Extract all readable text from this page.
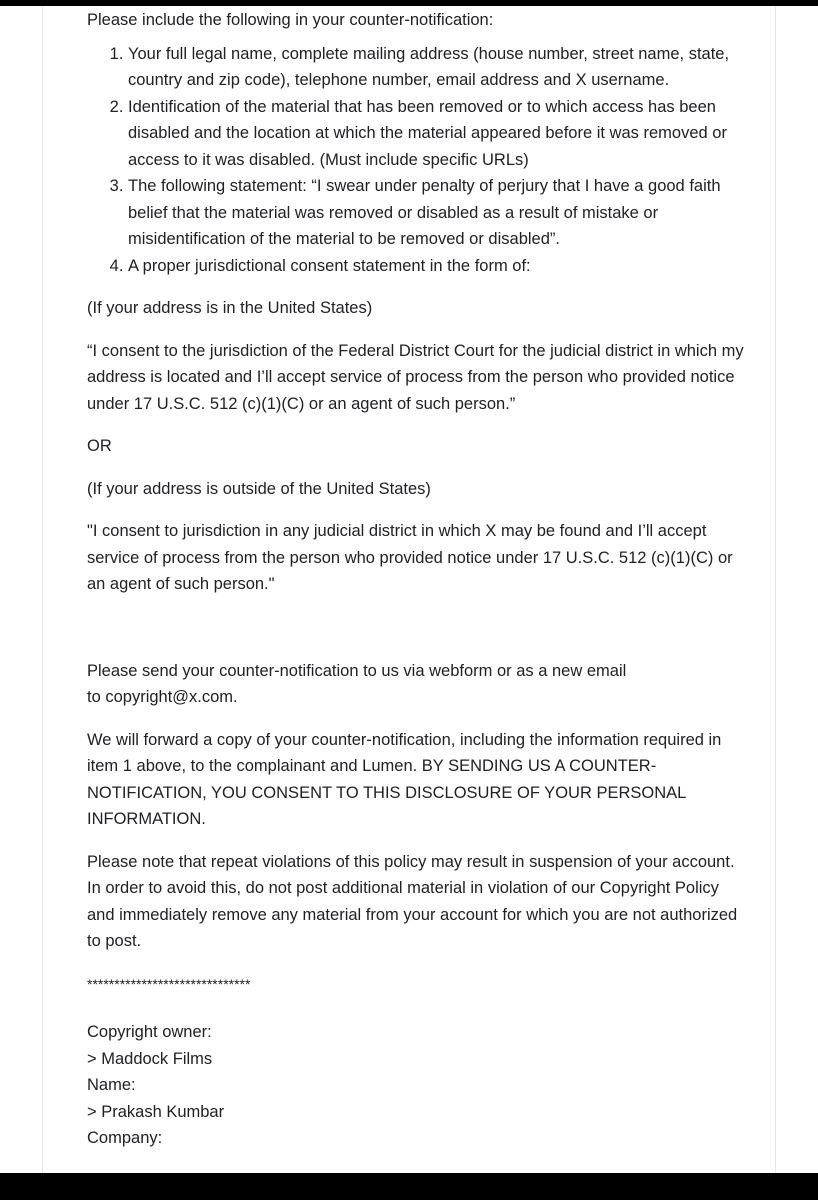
Please include the following in your counter-notification:

1. Your full legal name, complete mailing address (house number, street name, state, country and zip code), telephone number, email address and X username.
2. Identification of the material that has been removed or to which access has been disabled and the location at which the material appeared before it was removed or access to it was disabled. (Must include specific URLs)
3. The following statement: “I swear under penalty of perjury that I have a good faith belief that the material was removed or disabled as a result of mistake or misidentification of the material to be removed or disabled”.
4. A proper jurisdictional consent statement in the form of:

(If your address is in the United States)

“I consent to the jurisdiction of the Federal District Court for the judicial district in which my address is located and I’ll accept service of process from the person who provided notice under 17 U.S.C. 512 (c)(1)(C) or an agent of such person.”

OR

(If your address is outside of the United States)

"I consent to jurisdiction in any judicial district in which X may be found and I’ll accept service of process from the person who provided notice under 17 U.S.C. 512 (c)(1)(C) or an agent of such person."

Please send your counter-notification to us via webform or as a new email
to copyright@x.com.

We will forward a copy of your counter-notification, including the information required in item 1 above, to the complainant and Lumen. BY SENDING US A COUNTER-NOTIFICATION, YOU CONSENT TO THIS DISCLOSURE OF YOUR PERSONAL INFORMATION.

Please note that repeat violations of this policy may result in suspension of your account. In order to avoid this, do not post additional material in violation of our Copyright Policy and immediately remove any material from your account for which you are not authorized to post.

******************************

Copyright owner:

> Maddock Films

Name:

> Prakash Kumbar

Company:
